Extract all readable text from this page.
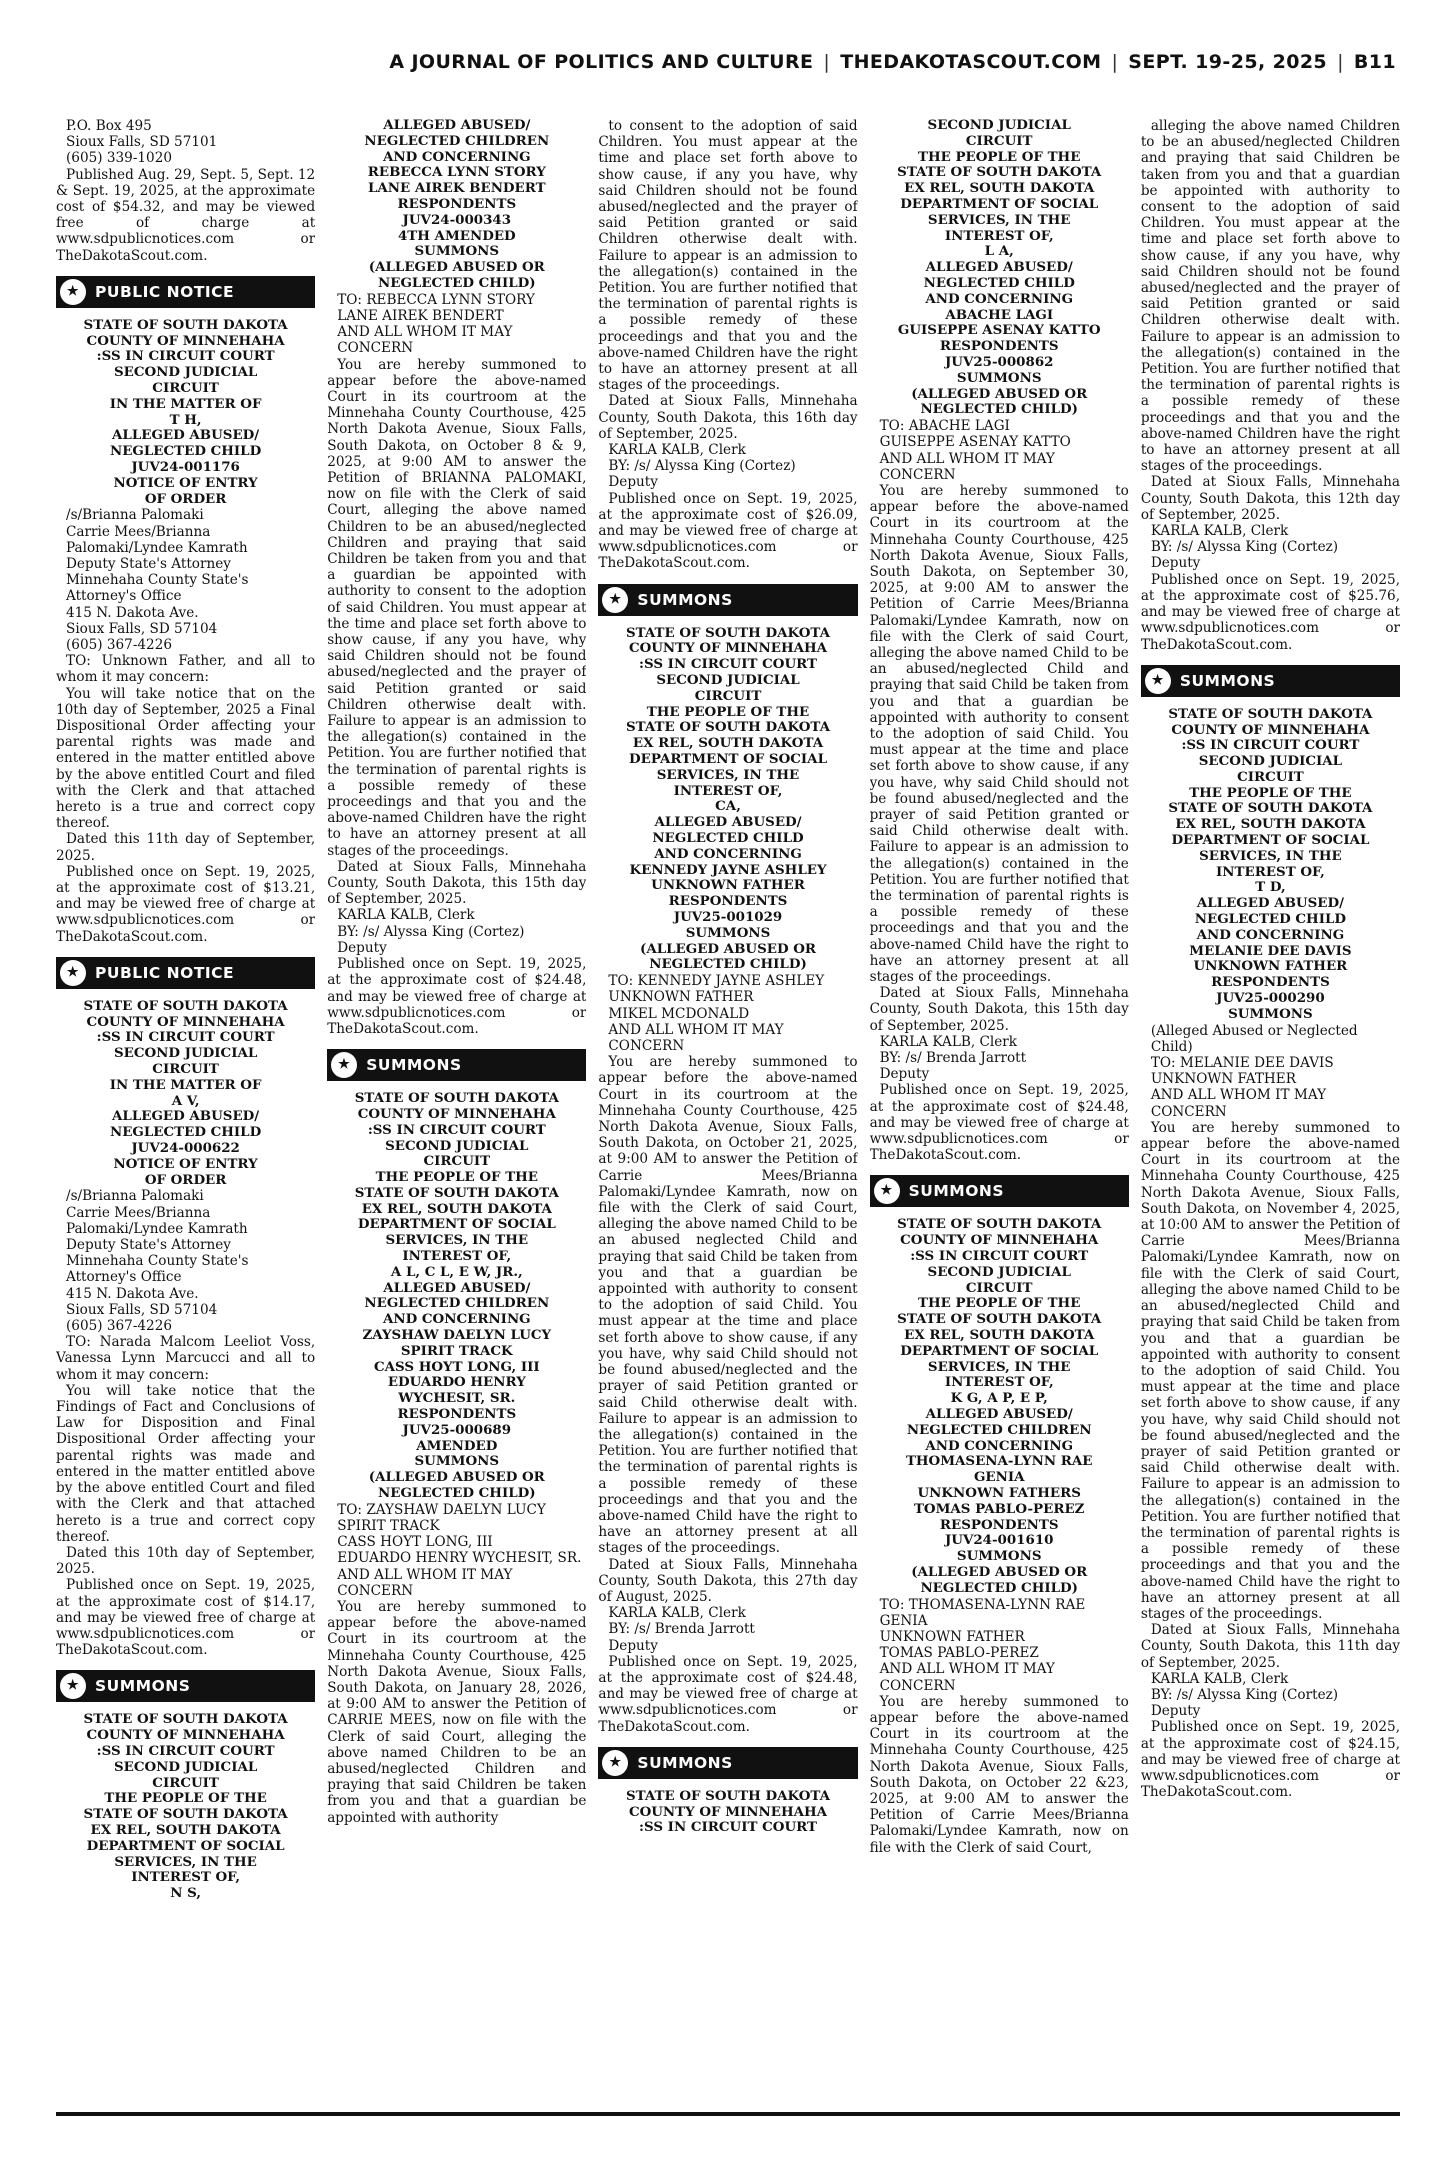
A JOURNAL OF POLITICS AND CULTURE | THEDAKOTASCOUT.COM | SEPT. 19-25, 2025 | B11
P.O. Box 495
Sioux Falls, SD 57101
(605) 339-1020
Published Aug. 29, Sept. 5, Sept. 12 & Sept. 19, 2025, at the approximate cost of $54.32, and may be viewed free of charge at www.sdpublicnotices.com or TheDakotaScout.com.
★	PUBLIC NOTICE
STATE OF SOUTH DAKOTA
COUNTY OF MINNEHAHA
:SS IN CIRCUIT COURT
SECOND JUDICIAL
CIRCUIT
IN THE MATTER OF
T H,
ALLEGED ABUSED/
NEGLECTED CHILD
JUV24-001176
NOTICE OF ENTRY
OF ORDER
/s/Brianna Palomaki
Carrie Mees/Brianna Palomaki/Lyndee Kamrath
Deputy State's Attorney
Minnehaha County State's Attorney's Office
415 N. Dakota Ave.
Sioux Falls, SD 57104
(605) 367-4226
TO: Unknown Father, and all to whom it may concern:
You will take notice that on the 10th day of September, 2025 a Final Dispositional Order affecting your parental rights was made and entered in the matter entitled above by the above entitled Court and filed with the Clerk and that attached hereto is a true and correct copy thereof.
Dated this 11th day of September, 2025.
Published once on Sept. 19, 2025, at the approximate cost of $13.21, and may be viewed free of charge at www.sdpublicnotices.com or TheDakotaScout.com.
★	PUBLIC NOTICE
STATE OF SOUTH DAKOTA
COUNTY OF MINNEHAHA
:SS IN CIRCUIT COURT
SECOND JUDICIAL
CIRCUIT
IN THE MATTER OF
A V,
ALLEGED ABUSED/
NEGLECTED CHILD
JUV24-000622
NOTICE OF ENTRY
OF ORDER
/s/Brianna Palomaki
Carrie Mees/Brianna Palomaki/Lyndee Kamrath
Deputy State's Attorney
Minnehaha County State's Attorney's Office
415 N. Dakota Ave.
Sioux Falls, SD 57104
(605) 367-4226
TO: Narada Malcom Leeliot Voss, Vanessa Lynn Marcucci and all to whom it may concern:
You will take notice that the Findings of Fact and Conclusions of Law for Disposition and Final Dispositional Order affecting your parental rights was made and entered in the matter entitled above by the above entitled Court and filed with the Clerk and that attached hereto is a true and correct copy thereof.
Dated this 10th day of September, 2025.
Published once on Sept. 19, 2025, at the approximate cost of $14.17, and may be viewed free of charge at www.sdpublicnotices.com or TheDakotaScout.com.
★	SUMMONS
STATE OF SOUTH DAKOTA
COUNTY OF MINNEHAHA
:SS IN CIRCUIT COURT
SECOND JUDICIAL
CIRCUIT
THE PEOPLE OF THE
STATE OF SOUTH DAKOTA
EX REL, SOUTH DAKOTA
DEPARTMENT OF SOCIAL
SERVICES, IN THE
INTEREST OF,
N S,
ALLEGED ABUSED/
NEGLECTED CHILDREN
AND CONCERNING
REBECCA LYNN STORY
LANE AIREK BENDERT
RESPONDENTS
JUV24-000343
4TH AMENDED
SUMMONS
(ALLEGED ABUSED OR
NEGLECTED CHILD)
TO: REBECCA LYNN STORY
LANE AIREK BENDERT
AND ALL WHOM IT MAY CONCERN
You are hereby summoned to appear before the above-named Court in its courtroom at the Minnehaha County Courthouse, 425 North Dakota Avenue, Sioux Falls, South Dakota, on October 8 & 9, 2025, at 9:00 AM to answer the Petition of BRIANNA PALOMAKI, now on file with the Clerk of said Court, alleging the above named Children to be an abused/neglected Children and praying that said Children be taken from you and that a guardian be appointed with authority to consent to the adoption of said Children. You must appear at the time and place set forth above to show cause, if any you have, why said Children should not be found abused/neglected and the prayer of said Petition granted or said Children otherwise dealt with. Failure to appear is an admission to the allegation(s) contained in the Petition. You are further notified that the termination of parental rights is a possible remedy of these proceedings and that you and the above-named Children have the right to have an attorney present at all stages of the proceedings.
Dated at Sioux Falls, Minnehaha County, South Dakota, this 15th day of September, 2025.
KARLA KALB, Clerk
BY: /s/ Alyssa King (Cortez)
Deputy
Published once on Sept. 19, 2025, at the approximate cost of $24.48, and may be viewed free of charge at www.sdpublicnotices.com or TheDakotaScout.com.
★	SUMMONS
STATE OF SOUTH DAKOTA
COUNTY OF MINNEHAHA
:SS IN CIRCUIT COURT
SECOND JUDICIAL
CIRCUIT
THE PEOPLE OF THE
STATE OF SOUTH DAKOTA
EX REL, SOUTH DAKOTA
DEPARTMENT OF SOCIAL
SERVICES, IN THE
INTEREST OF,
A L, C L, E W, JR.,
ALLEGED ABUSED/
NEGLECTED CHILDREN
AND CONCERNING
ZAYSHAW DAELYN LUCY
SPIRIT TRACK
CASS HOYT LONG, III
EDUARDO HENRY
WYCHESIT, SR.
RESPONDENTS
JUV25-000689
AMENDED
SUMMONS
(ALLEGED ABUSED OR
NEGLECTED CHILD)
TO: ZAYSHAW DAELYN LUCY SPIRIT TRACK
CASS HOYT LONG, III
EDUARDO HENRY WYCHESIT, SR.
AND ALL WHOM IT MAY CONCERN
You are hereby summoned to appear before the above-named Court in its courtroom at the Minnehaha County Courthouse, 425 North Dakota Avenue, Sioux Falls, South Dakota, on January 28, 2026, at 9:00 AM to answer the Petition of CARRIE MEES, now on file with the Clerk of said Court, alleging the above named Children to be an abused/neglected Children and praying that said Children be taken from you and that a guardian be appointed with authority
to consent to the adoption of said Children. You must appear at the time and place set forth above to show cause, if any you have, why said Children should not be found abused/neglected and the prayer of said Petition granted or said Children otherwise dealt with. Failure to appear is an admission to the allegation(s) contained in the Petition. You are further notified that the termination of parental rights is a possible remedy of these proceedings and that you and the above-named Children have the right to have an attorney present at all stages of the proceedings.
Dated at Sioux Falls, Minnehaha County, South Dakota, this 16th day of September, 2025.
KARLA KALB, Clerk
BY: /s/ Alyssa King (Cortez)
Deputy
Published once on Sept. 19, 2025, at the approximate cost of $26.09, and may be viewed free of charge at www.sdpublicnotices.com or TheDakotaScout.com.
★	SUMMONS
STATE OF SOUTH DAKOTA
COUNTY OF MINNEHAHA
:SS IN CIRCUIT COURT
SECOND JUDICIAL
CIRCUIT
THE PEOPLE OF THE
STATE OF SOUTH DAKOTA
EX REL, SOUTH DAKOTA
DEPARTMENT OF SOCIAL
SERVICES, IN THE
INTEREST OF,
CA,
ALLEGED ABUSED/
NEGLECTED CHILD
AND CONCERNING
KENNEDY JAYNE ASHLEY
UNKNOWN FATHER
RESPONDENTS
JUV25-001029
SUMMONS
(ALLEGED ABUSED OR
NEGLECTED CHILD)
TO: KENNEDY JAYNE ASHLEY
UNKNOWN FATHER
MIKEL MCDONALD
AND ALL WHOM IT MAY CONCERN
You are hereby summoned to appear before the above-named Court in its courtroom at the Minnehaha County Courthouse, 425 North Dakota Avenue, Sioux Falls, South Dakota, on October 21, 2025, at 9:00 AM to answer the Petition of Carrie Mees/Brianna Palomaki/Lyndee Kamrath, now on file with the Clerk of said Court, alleging the above named Child to be an abused neglected Child and praying that said Child be taken from you and that a guardian be appointed with authority to consent to the adoption of said Child. You must appear at the time and place set forth above to show cause, if any you have, why said Child should not be found abused/neglected and the prayer of said Petition granted or said Child otherwise dealt with. Failure to appear is an admission to the allegation(s) contained in the Petition. You are further notified that the termination of parental rights is a possible remedy of these proceedings and that you and the above-named Child have the right to have an attorney present at all stages of the proceedings.
Dated at Sioux Falls, Minnehaha County, South Dakota, this 27th day of August, 2025.
KARLA KALB, Clerk
BY: /s/ Brenda Jarrott
Deputy
Published once on Sept. 19, 2025, at the approximate cost of $24.48, and may be viewed free of charge at www.sdpublicnotices.com or TheDakotaScout.com.
★	SUMMONS
STATE OF SOUTH DAKOTA
COUNTY OF MINNEHAHA
:SS IN CIRCUIT COURT
SECOND JUDICIAL
CIRCUIT
THE PEOPLE OF THE
STATE OF SOUTH DAKOTA
EX REL, SOUTH DAKOTA
DEPARTMENT OF SOCIAL
SERVICES, IN THE
INTEREST OF,
L A,
ALLEGED ABUSED/
NEGLECTED CHILD
AND CONCERNING
ABACHE LAGI
GUISEPPE ASENAY KATTO
RESPONDENTS
JUV25-000862
SUMMONS
(ALLEGED ABUSED OR
NEGLECTED CHILD)
TO: ABACHE LAGI
GUISEPPE ASENAY KATTO
AND ALL WHOM IT MAY CONCERN
You are hereby summoned to appear before the above-named Court in its courtroom at the Minnehaha County Courthouse, 425 North Dakota Avenue, Sioux Falls, South Dakota, on September 30, 2025, at 9:00 AM to answer the Petition of Carrie Mees/Brianna Palomaki/Lyndee Kamrath, now on file with the Clerk of said Court, alleging the above named Child to be an abused/neglected Child and praying that said Child be taken from you and that a guardian be appointed with authority to consent to the adoption of said Child. You must appear at the time and place set forth above to show cause, if any you have, why said Child should not be found abused/neglected and the prayer of said Petition granted or said Child otherwise dealt with. Failure to appear is an admission to the allegation(s) contained in the Petition. You are further notified that the termination of parental rights is a possible remedy of these proceedings and that you and the above-named Child have the right to have an attorney present at all stages of the proceedings.
Dated at Sioux Falls, Minnehaha County, South Dakota, this 15th day of September, 2025.
KARLA KALB, Clerk
BY: /s/ Brenda Jarrott
Deputy
Published once on Sept. 19, 2025, at the approximate cost of $24.48, and may be viewed free of charge at www.sdpublicnotices.com or TheDakotaScout.com.
★	SUMMONS
STATE OF SOUTH DAKOTA
COUNTY OF MINNEHAHA
:SS IN CIRCUIT COURT
SECOND JUDICIAL
CIRCUIT
THE PEOPLE OF THE
STATE OF SOUTH DAKOTA
EX REL, SOUTH DAKOTA
DEPARTMENT OF SOCIAL
SERVICES, IN THE
INTEREST OF,
K G, A P, E P,
ALLEGED ABUSED/
NEGLECTED CHILDREN
AND CONCERNING
THOMASENA-LYNN RAE
GENIA
UNKNOWN FATHERS
TOMAS PABLO-PEREZ
RESPONDENTS
JUV24-001610
SUMMONS
(ALLEGED ABUSED OR
NEGLECTED CHILD)
TO: THOMASENA-LYNN RAE GENIA
UNKNOWN FATHER
TOMAS PABLO-PEREZ
AND ALL WHOM IT MAY CONCERN
You are hereby summoned to appear before the above-named Court in its courtroom at the Minnehaha County Courthouse, 425 North Dakota Avenue, Sioux Falls, South Dakota, on October 22 &23, 2025, at 9:00 AM to answer the Petition of Carrie Mees/Brianna Palomaki/Lyndee Kamrath, now on file with the Clerk of said Court,
alleging the above named Children to be an abused/neglected Children and praying that said Children be taken from you and that a guardian be appointed with authority to consent to the adoption of said Children. You must appear at the time and place set forth above to show cause, if any you have, why said Children should not be found abused/neglected and the prayer of said Petition granted or said Children otherwise dealt with. Failure to appear is an admission to the allegation(s) contained in the Petition. You are further notified that the termination of parental rights is a possible remedy of these proceedings and that you and the above-named Children have the right to have an attorney present at all stages of the proceedings.
Dated at Sioux Falls, Minnehaha County, South Dakota, this 12th day of September, 2025.
KARLA KALB, Clerk
BY: /s/ Alyssa King (Cortez)
Deputy
Published once on Sept. 19, 2025, at the approximate cost of $25.76, and may be viewed free of charge at www.sdpublicnotices.com or TheDakotaScout.com.
★	SUMMONS
STATE OF SOUTH DAKOTA
COUNTY OF MINNEHAHA
:SS IN CIRCUIT COURT
SECOND JUDICIAL
CIRCUIT
THE PEOPLE OF THE
STATE OF SOUTH DAKOTA
EX REL, SOUTH DAKOTA
DEPARTMENT OF SOCIAL
SERVICES, IN THE
INTEREST OF,
T D,
ALLEGED ABUSED/
NEGLECTED CHILD
AND CONCERNING
MELANIE DEE DAVIS
UNKNOWN FATHER
RESPONDENTS
JUV25-000290
SUMMONS
(Alleged Abused or Neglected Child)
TO: MELANIE DEE DAVIS
UNKNOWN FATHER
AND ALL WHOM IT MAY CONCERN
You are hereby summoned to appear before the above-named Court in its courtroom at the Minnehaha County Courthouse, 425 North Dakota Avenue, Sioux Falls, South Dakota, on November 4, 2025, at 10:00 AM to answer the Petition of Carrie Mees/Brianna Palomaki/Lyndee Kamrath, now on file with the Clerk of said Court, alleging the above named Child to be an abused/neglected Child and praying that said Child be taken from you and that a guardian be appointed with authority to consent to the adoption of said Child. You must appear at the time and place set forth above to show cause, if any you have, why said Child should not be found abused/neglected and the prayer of said Petition granted or said Child otherwise dealt with. Failure to appear is an admission to the allegation(s) contained in the Petition. You are further notified that the termination of parental rights is a possible remedy of these proceedings and that you and the above-named Child have the right to have an attorney present at all stages of the proceedings.
Dated at Sioux Falls, Minnehaha County, South Dakota, this 11th day of September, 2025.
KARLA KALB, Clerk
BY: /s/ Alyssa King (Cortez)
Deputy
Published once on Sept. 19, 2025, at the approximate cost of $24.15, and may be viewed free of charge at www.sdpublicnotices.com or TheDakotaScout.com.
